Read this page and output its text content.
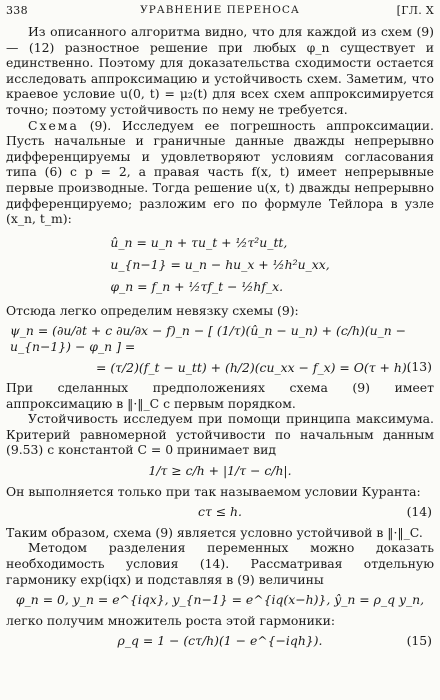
338	УРАВНЕНИЕ ПЕРЕНОСА	[ГЛ. X

Из описанного алгоритма видно, что для каждой из схем (9) — (12) разностное решение при любых φ_n существует и единственно. Поэтому для доказательства сходимости остается исследовать аппроксимацию и устойчивость схем. Заметим, что краевое условие u(0, t) = μ₂(t) для всех схем аппроксимируется точно; поэтому устойчивость по нему не требуется.

Схема (9). Исследуем ее погрешность аппроксимации. Пусть начальные и граничные данные дважды непрерывно дифференцируемы и удовлетворяют условиям согласования типа (6) с p = 2, а правая часть f(x, t) имеет непрерывные первые производные. Тогда решение u(x, t) дважды непрерывно дифференцируемо; разложим его по формуле Тейлора в узле (x_n, t_m):

û_n = u_n + τu_t + ½τ²u_tt,
u_{n−1} = u_n − hu_x + ½h²u_xx,
φ_n = f_n + ½τf_t − ½hf_x.

Отсюда легко определим невязку схемы (9):

ψ_n = (∂u/∂t + c ∂u/∂x − f)_n − [ (1/τ)(û_n − u_n) + (c/h)(u_n − u_{n−1}) − φ_n ] =
= (τ/2)(f_t − u_tt) + (h/2)(cu_xx − f_x) = O(τ + h).
(13)

При сделанных предположениях схема (9) имеет аппроксимацию в ‖·‖_C с первым порядком.

Устойчивость исследуем при помощи принципа максимума. Критерий равномерной устойчивости по начальным данным (9.53) с константой C = 0 принимает вид

1/τ ≥ c/h + |1/τ − c/h|.

Он выполняется только при так называемом условии Куранта:

cτ ≤ h.	(14)

Таким образом, схема (9) является условно устойчивой в ‖·‖_C.

Методом разделения переменных можно доказать необходимость условия (14). Рассматривая отдельную гармонику exp(iqx) и подставляя в (9) величины

φ_n = 0, y_n = e^{iqx}, y_{n−1} = e^{iq(x−h)}, ŷ_n = ρ_q y_n,

легко получим множитель роста этой гармоники:

ρ_q = 1 − (cτ/h)(1 − e^{−iqh}).	(15)
